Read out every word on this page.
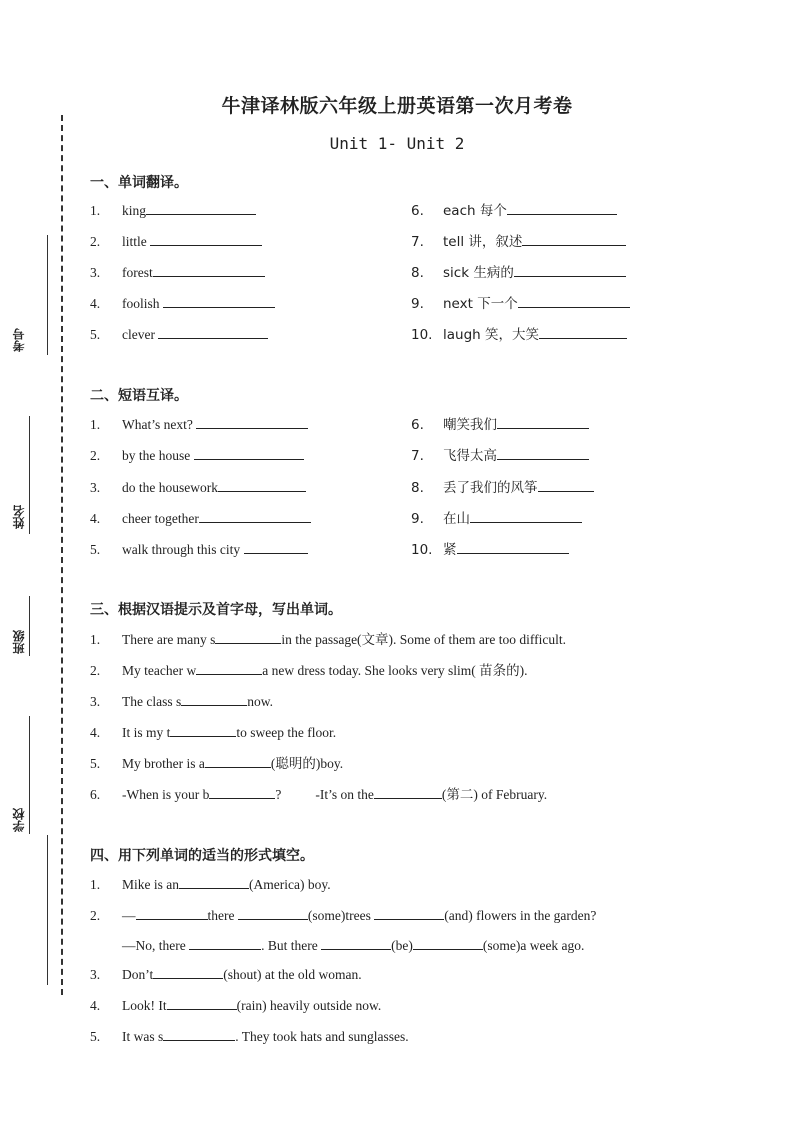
考号
姓名
班级
学校
牛津译林版六年级上册英语第一次月考卷
Unit 1- Unit 2
一、单词翻译。
1. king
2. little
3. forest
4. foolish
5. clever
6. each 每个
7. tell 讲，叙述
8. sick 生病的
9. next 下一个
10. laugh 笑，大笑
二、短语互译。
1. What’s next?
2. by the house
3. do the housework
4. cheer together
5. walk through this city
6. 嘲笑我们
7. 飞得太高
8. 丢了我们的风筝
9. 在山
10. 紧
三、根据汉语提示及首字母，写出单词。
1. There are many s	in the passage(文章). Some of them are too difficult.
2. My teacher w	a new dress today. She looks very slim( 苗条的).
3. The class s	now.
4. It is my t	to sweep the floor.
5. My brother is a	(聪明的)boy.
6. -When is your b	?	-It’s on the	(第二) of February.
四、用下列单词的适当的形式填空。
1. Mike is an	(America) boy.
2. —	there	(some)trees	(and) flowers in the garden?
—No, there	. But there	(be)	(some)a week ago.
3. Don’t	(shout) at the old woman.
4. Look! It	(rain) heavily outside now.
5. It was s	. They took hats and sunglasses.
